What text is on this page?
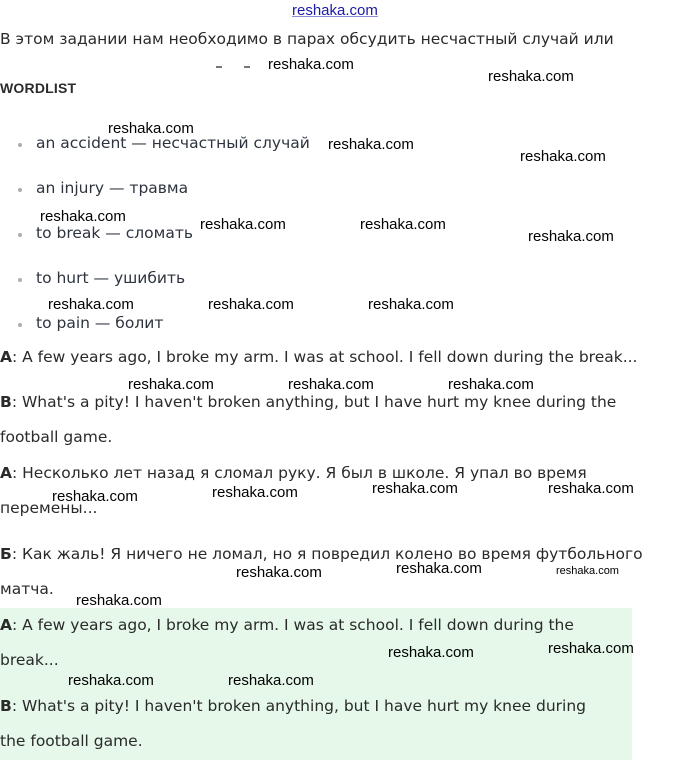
reshaka.com
В этом задании нам необходимо в парах обсудить несчастный случай или
WORDLIST
an accident — несчастный случай
an injury — травма
to break — сломать
to hurt — ушибить
to pain — болит
A: A few years ago, I broke my arm. I was at school. I fell down during the break...
B: What's a pity! I haven't broken anything, but I have hurt my knee during the football game.
А: Несколько лет назад я сломал руку. Я был в школе. Я упал во время перемены...
Б: Как жаль! Я ничего не ломал, но я повредил колено во время футбольного матча.
A: A few years ago, I broke my arm. I was at school. I fell down during the break...
B: What's a pity! I haven't broken anything, but I have hurt my knee during the football game.
reshaka.com
reshaka.com
reshaka.com
reshaka.com
reshaka.com
reshaka.com	reshaka.com	reshaka.com
reshaka.com
reshaka.com	reshaka.com	reshaka.com
reshaka.com	reshaka.com	reshaka.com
reshaka.com	reshaka.com	reshaka.com	reshaka.com
reshaka.com	reshaka.com	reshaka.com
reshaka.com
reshaka.com	reshaka.com
reshaka.com	reshaka.com
